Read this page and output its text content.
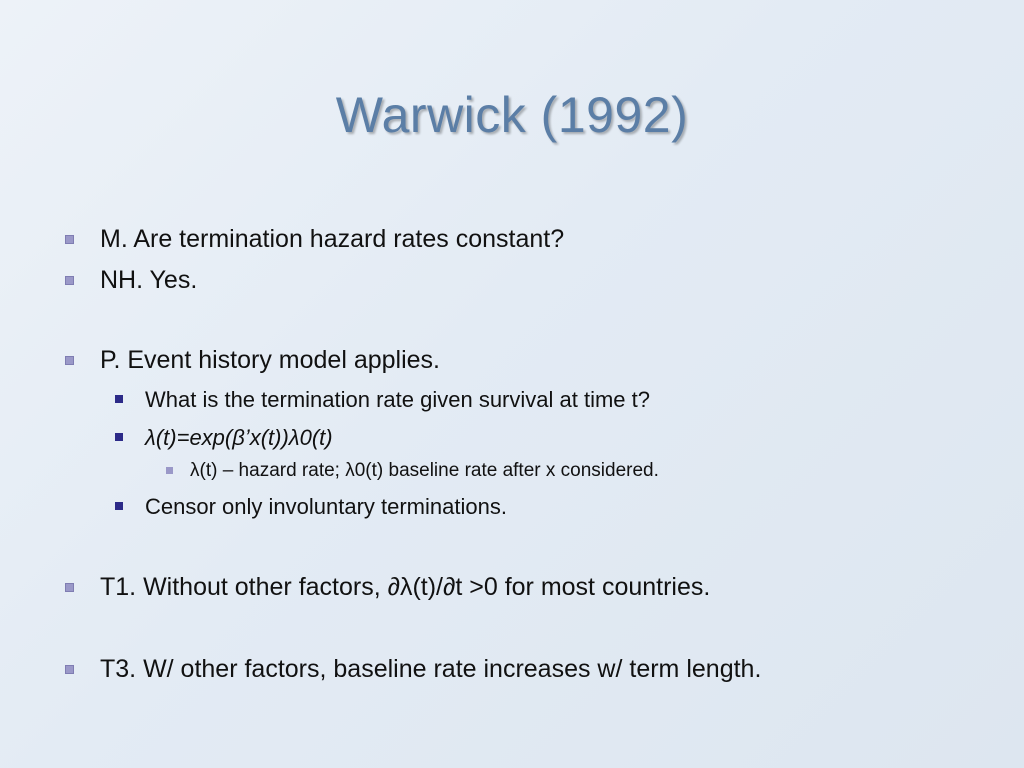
Warwick (1992)
M. Are termination hazard rates constant?
NH. Yes.
P. Event history model applies.
What is the termination rate given survival at time t?
λ(t)=exp(β’x(t))λ0(t)
λ(t) – hazard rate; λ0(t) baseline rate after x considered.
Censor only involuntary terminations.
T1. Without other factors, ∂λ(t)/∂t >0 for most countries.
T3. W/ other factors, baseline rate increases w/ term length.
